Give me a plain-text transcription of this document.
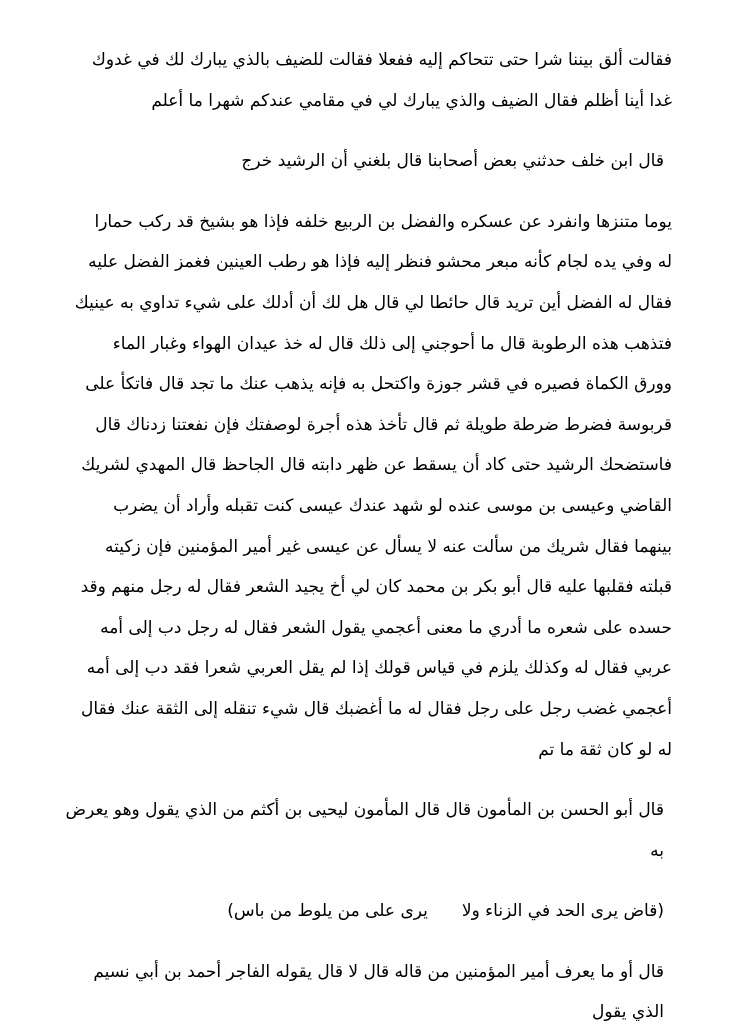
فقالت ألق بيننا شرا حتى تتحاكم إليه ففعلا فقالت للضيف بالذي يبارك لك في غدوك
غدا أينا أظلم فقال الضيف والذي يبارك لي في مقامي عندكم شهرا ما أعلم
قال ابن خلف حدثني بعض أصحابنا قال بلغني أن الرشيد خرج
يوما متنزها وانفرد عن عسكره والفضل بن الربيع خلفه فإذا هو بشيخ قد ركب حمارا
له وفي يده لجام كأنه مبعر محشو فنظر إليه فإذا هو رطب العينين فغمز الفضل عليه
فقال له الفضل أين تريد قال حائطا لي قال هل لك أن أدلك على شيء تداوي به عينيك
فتذهب هذه الرطوبة قال ما أحوجني إلى ذلك قال له خذ عيدان الهواء وغبار الماء
وورق الكماة فصيره في قشر جوزة واكتحل به فإنه يذهب عنك ما تجد قال فاتكأ على
قربوسة فضرط ضرطة طويلة ثم قال تأخذ هذه أجرة لوصفتك فإن نفعتنا زدناك قال
فاستضحك الرشيد حتى كاد أن يسقط عن ظهر دابته قال الجاحظ قال المهدي لشريك
القاضي وعيسى بن موسى عنده لو شهد عندك عيسى كنت تقبله وأراد أن يضرب
بينهما فقال شريك من سألت عنه لا يسأل عن عيسى غير أمير المؤمنين فإن زكيته
قبلته فقلبها عليه قال أبو بكر بن محمد كان لي أخ يجيد الشعر فقال له رجل منهم وقد
حسده على شعره ما أدري ما معنى أعجمي يقول الشعر فقال له رجل دب إلى أمه
عربي فقال له وكذلك يلزم في قياس قولك إذا لم يقل العربي شعرا فقد دب إلى أمه
أعجمي غضب رجل على رجل فقال له ما أغضبك قال شيء تنقله إلى الثقة عنك فقال
له لو كان ثقة ما تم
قال أبو الحسن بن المأمون قال قال المأمون ليحيى بن أكثم من الذي يقول وهو يعرض
به
(قاض يرى الحد في الزناء ولايرى على من يلوط من باس)
قال أو ما يعرف أمير المؤمنين من قاله قال لا قال يقوله الفاجر أحمد بن أبي نسيم
الذي يقول
